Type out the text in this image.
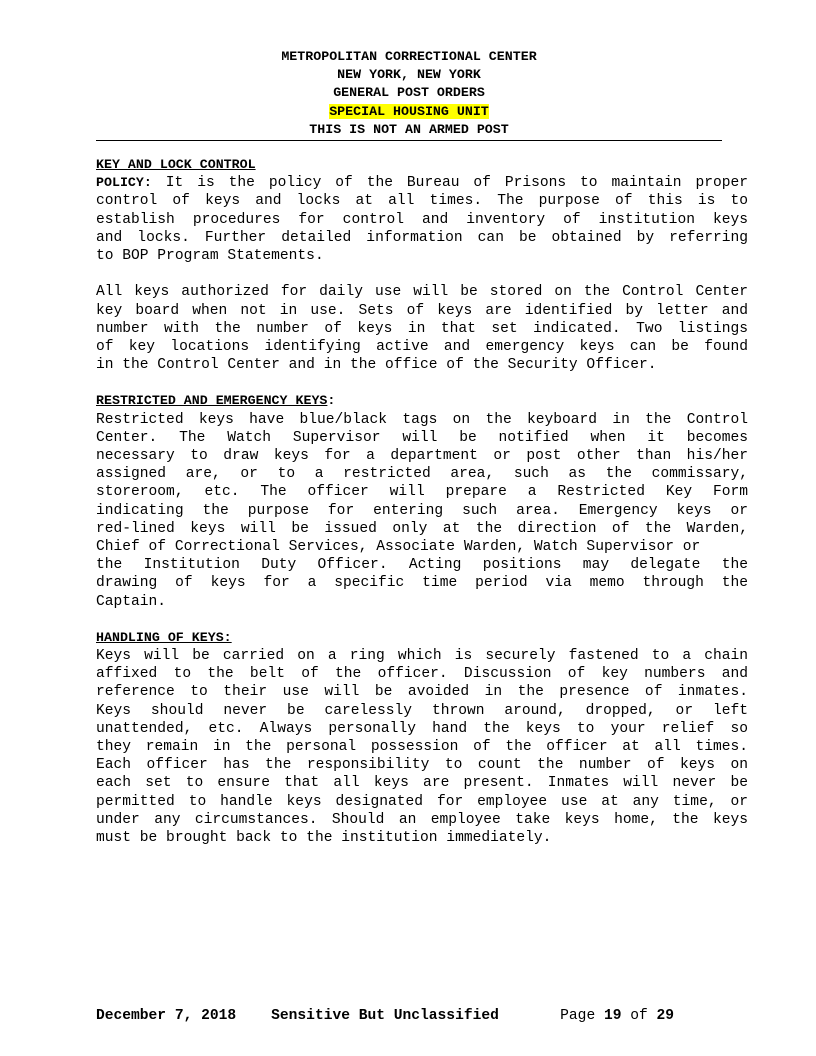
METROPOLITAN CORRECTIONAL CENTER
NEW YORK, NEW YORK
GENERAL POST ORDERS
SPECIAL HOUSING UNIT
THIS IS NOT AN ARMED POST
KEY AND LOCK CONTROL
POLICY: It is the policy of the Bureau of Prisons to maintain proper
control of keys and locks at all times. The purpose of this is to
establish procedures for control and inventory of institution keys
and locks. Further detailed information can be obtained by referring
to BOP Program Statements.
All keys authorized for daily use will be stored on the Control Center
key board when not in use. Sets of keys are identified by letter and
number with the number of keys in that set indicated. Two listings
of key locations identifying active and emergency keys can be found
in the Control Center and in the office of the Security Officer.
RESTRICTED AND EMERGENCY KEYS:
Restricted keys have blue/black tags on the keyboard in the Control
Center. The Watch Supervisor will be notified when it becomes
necessary to draw keys for a department or post other than his/her
assigned are, or to a restricted area, such as the commissary,
storeroom, etc. The officer will prepare a Restricted Key Form
indicating the purpose for entering such area. Emergency keys or
red-lined keys will be issued only at the direction of the Warden,
Chief of Correctional Services, Associate Warden, Watch Supervisor or
the Institution Duty Officer. Acting positions may delegate the
drawing of keys for a specific time period via memo through the
Captain.
HANDLING OF KEYS:
Keys will be carried on a ring which is securely fastened to a chain
affixed to the belt of the officer. Discussion of key numbers and
reference to their use will be avoided in the presence of inmates.
Keys should never be carelessly thrown around, dropped, or left
unattended, etc. Always personally hand the keys to your relief so
they remain in the personal possession of the officer at all times.
Each officer has the responsibility to count the number of keys on
each set to ensure that all keys are present. Inmates will never be
permitted to handle keys designated for employee use at any time, or
under any circumstances. Should an employee take keys home, the keys
must be brought back to the institution immediately.
December 7, 2018 Sensitive But Unclassified	Page 19 of 29
